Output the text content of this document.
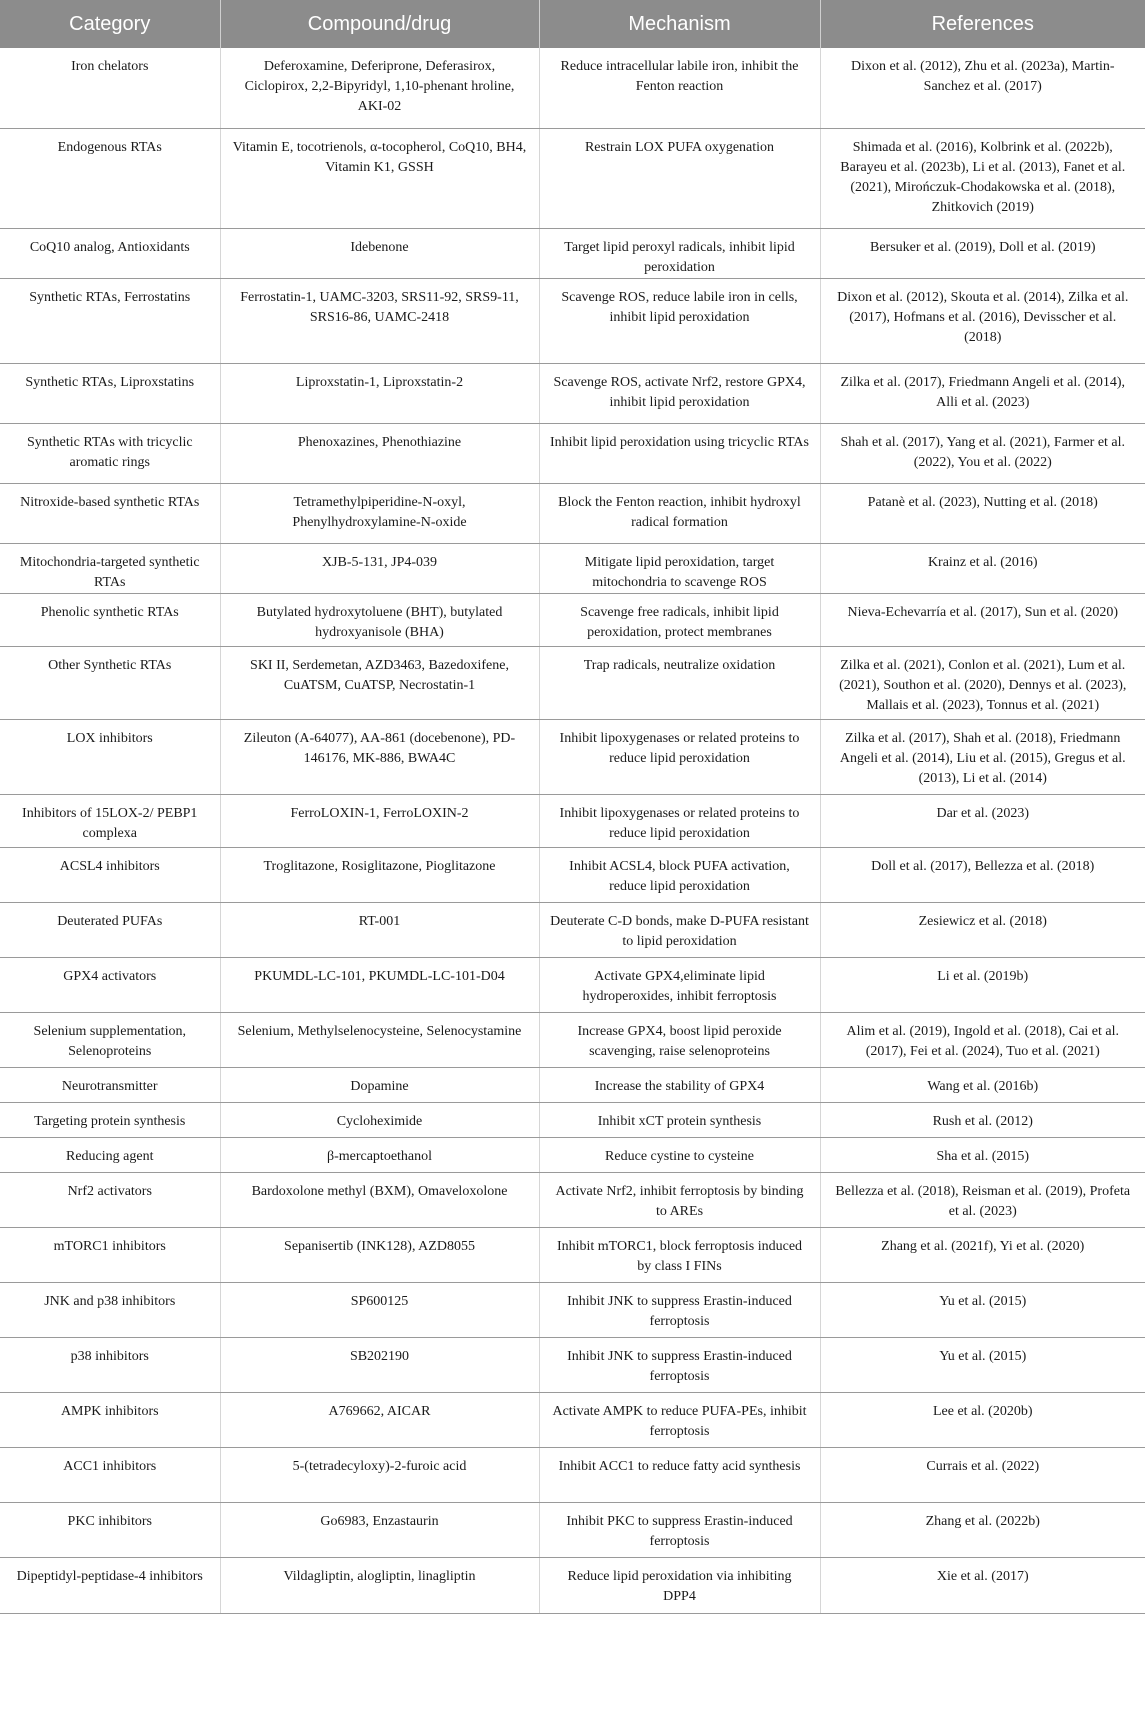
Category	Compound/drug	Mechanism	References
Iron chelators	Deferoxamine, Deferiprone, Deferasirox, Ciclopirox, 2,2-Bipyridyl, 1,10-phenant hroline, AKI-02	Reduce intracellular labile iron, inhibit the Fenton reaction	Dixon et al. (2012), Zhu et al. (2023a), Martin-Sanchez et al. (2017)
Endogenous RTAs	Vitamin E, tocotrienols, α-tocopherol, CoQ10, BH4, Vitamin K1, GSSH	Restrain LOX PUFA oxygenation	Shimada et al. (2016), Kolbrink et al. (2022b), Barayeu et al. (2023b), Li et al. (2013), Fanet et al. (2021), Mirończuk-Chodakowska et al. (2018), Zhitkovich (2019)
CoQ10 analog, Antioxidants	Idebenone	Target lipid peroxyl radicals, inhibit lipid peroxidation	Bersuker et al. (2019), Doll et al. (2019)
Synthetic RTAs, Ferrostatins	Ferrostatin-1, UAMC-3203, SRS11-92, SRS9-11, SRS16-86, UAMC-2418	Scavenge ROS, reduce labile iron in cells, inhibit lipid peroxidation	Dixon et al. (2012), Skouta et al. (2014), Zilka et al. (2017), Hofmans et al. (2016), Devisscher et al. (2018)
Synthetic RTAs, Liproxstatins	Liproxstatin-1, Liproxstatin-2	Scavenge ROS, activate Nrf2, restore GPX4, inhibit lipid peroxidation	Zilka et al. (2017), Friedmann Angeli et al. (2014), Alli et al. (2023)
Synthetic RTAs with tricyclic aromatic rings	Phenoxazines, Phenothiazine	Inhibit lipid peroxidation using tricyclic RTAs	Shah et al. (2017), Yang et al. (2021), Farmer et al. (2022), You et al. (2022)
Nitroxide-based synthetic RTAs	Tetramethylpiperidine-N-oxyl, Phenylhydroxylamine-N-oxide	Block the Fenton reaction, inhibit hydroxyl radical formation	Patanè et al. (2023), Nutting et al. (2018)
Mitochondria-targeted synthetic RTAs	XJB-5-131, JP4-039	Mitigate lipid peroxidation, target mitochondria to scavenge ROS	Krainz et al. (2016)
Phenolic synthetic RTAs	Butylated hydroxytoluene (BHT), butylated hydroxyanisole (BHA)	Scavenge free radicals, inhibit lipid peroxidation, protect membranes	Nieva-Echevarría et al. (2017), Sun et al. (2020)
Other Synthetic RTAs	SKI II, Serdemetan, AZD3463, Bazedoxifene, CuATSM, CuATSP, Necrostatin-1	Trap radicals, neutralize oxidation	Zilka et al. (2021), Conlon et al. (2021), Lum et al. (2021), Southon et al. (2020), Dennys et al. (2023), Mallais et al. (2023), Tonnus et al. (2021)
LOX inhibitors	Zileuton (A-64077), AA-861 (docebenone), PD-146176, MK-886, BWA4C	Inhibit lipoxygenases or related proteins to reduce lipid peroxidation	Zilka et al. (2017), Shah et al. (2018), Friedmann Angeli et al. (2014), Liu et al. (2015), Gregus et al. (2013), Li et al. (2014)
Inhibitors of 15LOX-2/ PEBP1 complexa	FerroLOXIN-1, FerroLOXIN-2	Inhibit lipoxygenases or related proteins to reduce lipid peroxidation	Dar et al. (2023)
ACSL4 inhibitors	Troglitazone, Rosiglitazone, Pioglitazone	Inhibit ACSL4, block PUFA activation, reduce lipid peroxidation	Doll et al. (2017), Bellezza et al. (2018)
Deuterated PUFAs	RT-001	Deuterate C-D bonds, make D-PUFA resistant to lipid peroxidation	Zesiewicz et al. (2018)
GPX4 activators	PKUMDL-LC-101, PKUMDL-LC-101-D04	Activate GPX4,eliminate lipid hydroperoxides, inhibit ferroptosis	Li et al. (2019b)
Selenium supplementation, Selenoproteins	Selenium, Methylselenocysteine, Selenocystamine	Increase GPX4, boost lipid peroxide scavenging, raise selenoproteins	Alim et al. (2019), Ingold et al. (2018), Cai et al. (2017), Fei et al. (2024), Tuo et al. (2021)
Neurotransmitter	Dopamine	Increase the stability of GPX4	Wang et al. (2016b)
Targeting protein synthesis	Cycloheximide	Inhibit xCT protein synthesis	Rush et al. (2012)
Reducing agent	β-mercaptoethanol	Reduce cystine to cysteine	Sha et al. (2015)
Nrf2 activators	Bardoxolone methyl (BXM), Omaveloxolone	Activate Nrf2, inhibit ferroptosis by binding to AREs	Bellezza et al. (2018), Reisman et al. (2019), Profeta et al. (2023)
mTORC1 inhibitors	Sepanisertib (INK128), AZD8055	Inhibit mTORC1, block ferroptosis induced by class I FINs	Zhang et al. (2021f), Yi et al. (2020)
JNK and p38 inhibitors	SP600125	Inhibit JNK to suppress Erastin-induced ferroptosis	Yu et al. (2015)
p38 inhibitors	SB202190	Inhibit JNK to suppress Erastin-induced ferroptosis	Yu et al. (2015)
AMPK inhibitors	A769662, AICAR	Activate AMPK to reduce PUFA-PEs, inhibit ferroptosis	Lee et al. (2020b)
ACC1 inhibitors	5-(tetradecyloxy)-2-furoic acid	Inhibit ACC1 to reduce fatty acid synthesis	Currais et al. (2022)
PKC inhibitors	Go6983, Enzastaurin	Inhibit PKC to suppress Erastin-induced ferroptosis	Zhang et al. (2022b)
Dipeptidyl-peptidase-4 inhibitors	Vildagliptin, alogliptin, linagliptin	Reduce lipid peroxidation via inhibiting DPP4	Xie et al. (2017)
